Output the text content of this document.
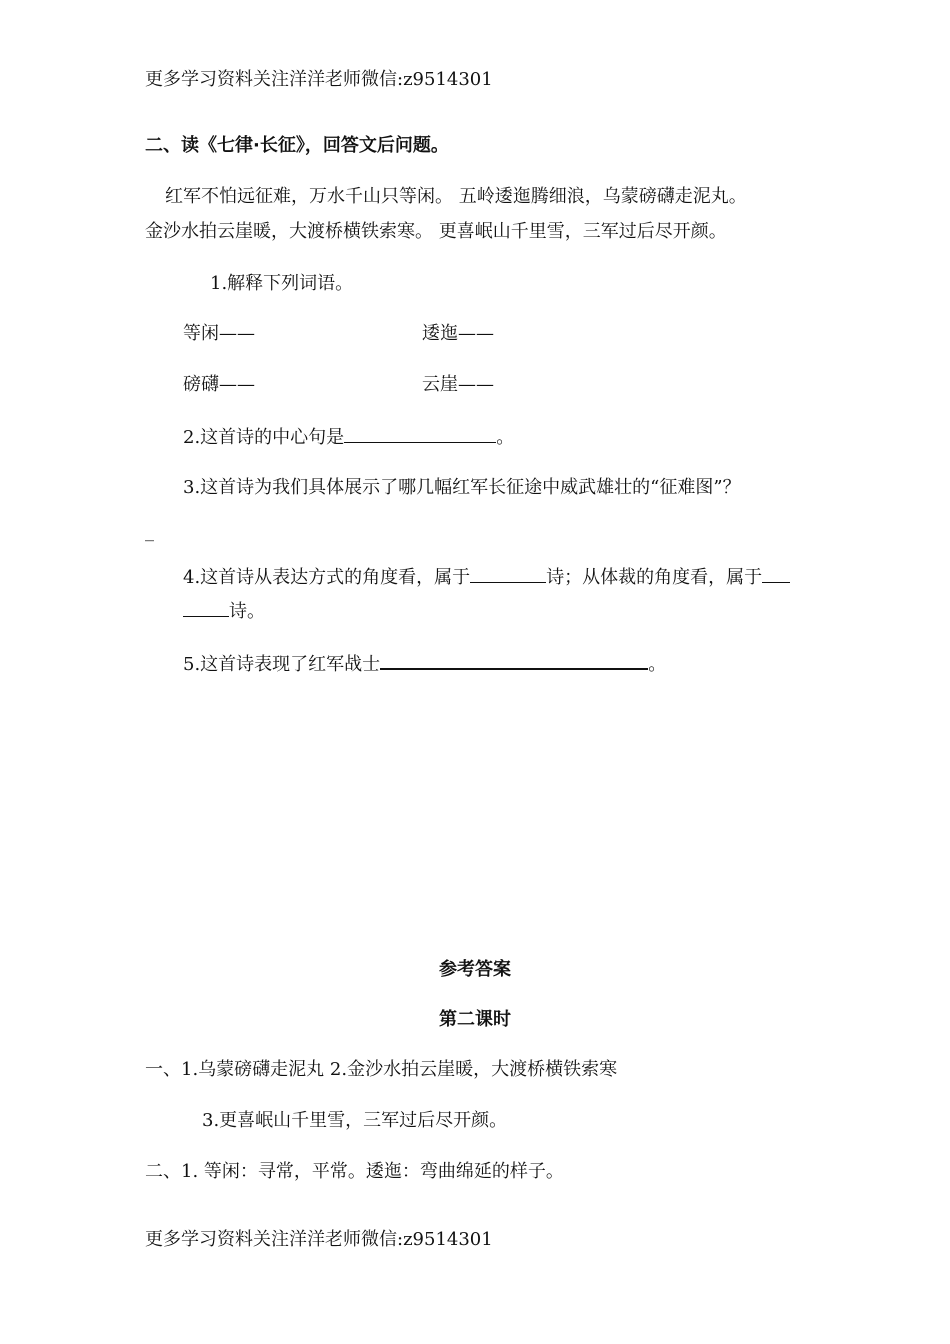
更多学习资料关注洋洋老师微信:z9514301
二、读《七律·长征》，回答文后问题。
红军不怕远征难，万水千山只等闲。 五岭逶迤腾细浪，乌蒙磅礴走泥丸。
金沙水拍云崖暖，大渡桥横铁索寒。 更喜岷山千里雪，三军过后尽开颜。
1.解释下列词语。
等闲——	逶迤——
磅礴——	云崖——
2.这首诗的中心句是	。
3.这首诗为我们具体展示了哪几幅红军长征途中威武雄壮的“征难图”？
_
4.这首诗从表达方式的角度看，属于	诗；从体裁的角度看，属于
诗。
5.这首诗表现了红军战士	。
参考答案
第二课时
一、1.乌蒙磅礴走泥丸 2.金沙水拍云崖暖，大渡桥横铁索寒
3.更喜岷山千里雪，三军过后尽开颜。
二、1. 等闲：寻常，平常。逶迤：弯曲绵延的样子。
更多学习资料关注洋洋老师微信:z9514301
